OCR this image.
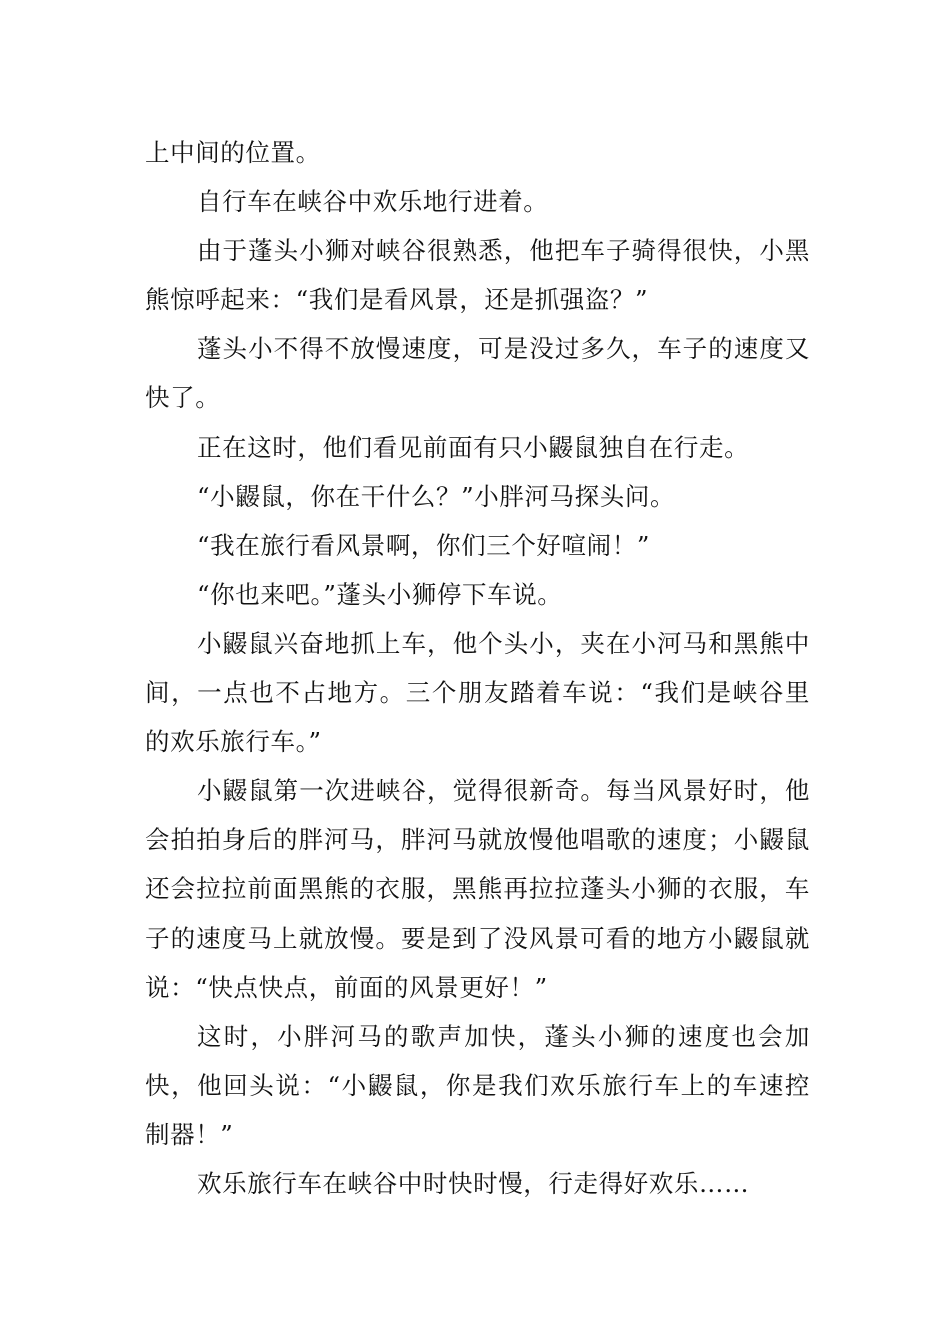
上中间的位置。

自行车在峡谷中欢乐地行进着。

由于蓬头小狮对峡谷很熟悉，他把车子骑得很快，小黑熊惊呼起来：“我们是看风景，还是抓强盗？”

蓬头小不得不放慢速度，可是没过多久，车子的速度又快了。

正在这时，他们看见前面有只小鼹鼠独自在行走。

“小鼹鼠，你在干什么？”小胖河马探头问。

“我在旅行看风景啊，你们三个好喧闹！”

“你也来吧。”蓬头小狮停下车说。

小鼹鼠兴奋地抓上车，他个头小，夹在小河马和黑熊中间，一点也不占地方。三个朋友踏着车说：“我们是峡谷里的欢乐旅行车。”

小鼹鼠第一次进峡谷，觉得很新奇。每当风景好时，他会拍拍身后的胖河马，胖河马就放慢他唱歌的速度；小鼹鼠还会拉拉前面黑熊的衣服，黑熊再拉拉蓬头小狮的衣服，车子的速度马上就放慢。要是到了没风景可看的地方小鼹鼠就说：“快点快点，前面的风景更好！”

这时，小胖河马的歌声加快，蓬头小狮的速度也会加快，他回头说：“小鼹鼠，你是我们欢乐旅行车上的车速控制器！”

欢乐旅行车在峡谷中时快时慢，行走得好欢乐……
